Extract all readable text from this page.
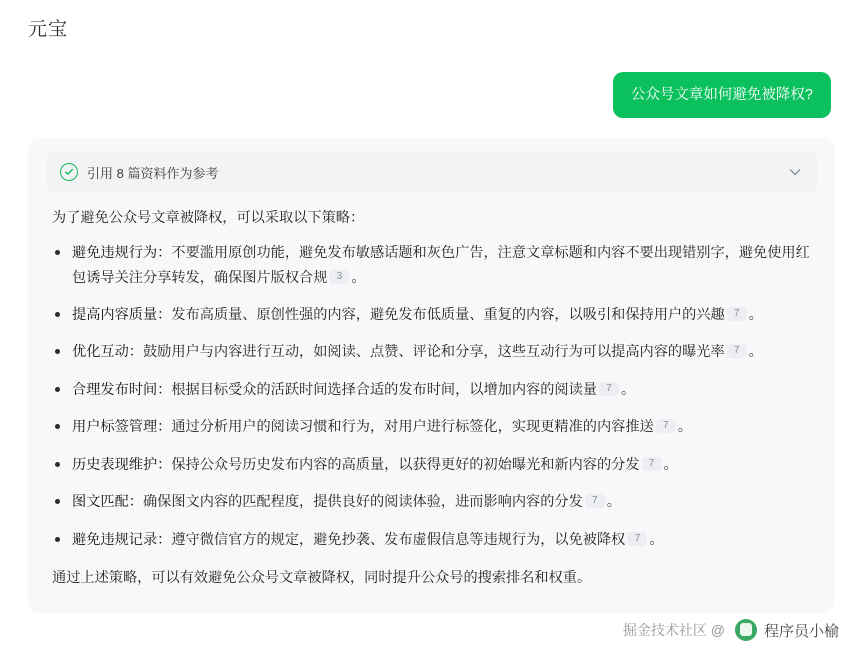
元宝
公众号文章如何避免被降权?
引用 8 篇资料作为参考
为了避免公众号文章被降权，可以采取以下策略：
避免违规行为：不要滥用原创功能，避免发布敏感话题和灰色广告，注意文章标题和内容不要出现错别字，避免使用红包诱导关注分享转发，确保图片版权合规 3 。
提高内容质量：发布高质量、原创性强的内容，避免发布低质量、重复的内容，以吸引和保持用户的兴趣 7 。
优化互动：鼓励用户与内容进行互动，如阅读、点赞、评论和分享，这些互动行为可以提高内容的曝光率 7 。
合理发布时间：根据目标受众的活跃时间选择合适的发布时间，以增加内容的阅读量 7 。
用户标签管理：通过分析用户的阅读习惯和行为，对用户进行标签化，实现更精准的内容推送 7 。
历史表现维护：保持公众号历史发布内容的高质量，以获得更好的初始曝光和新内容的分发 7 。
图文匹配：确保图文内容的匹配程度，提供良好的阅读体验，进而影响内容的分发 7 。
避免违规记录：遵守微信官方的规定，避免抄袭、发布虚假信息等违规行为，以免被降权 7 。
通过上述策略，可以有效避免公众号文章被降权，同时提升公众号的搜索排名和权重。
掘金技术社区 @	程序员小榆
